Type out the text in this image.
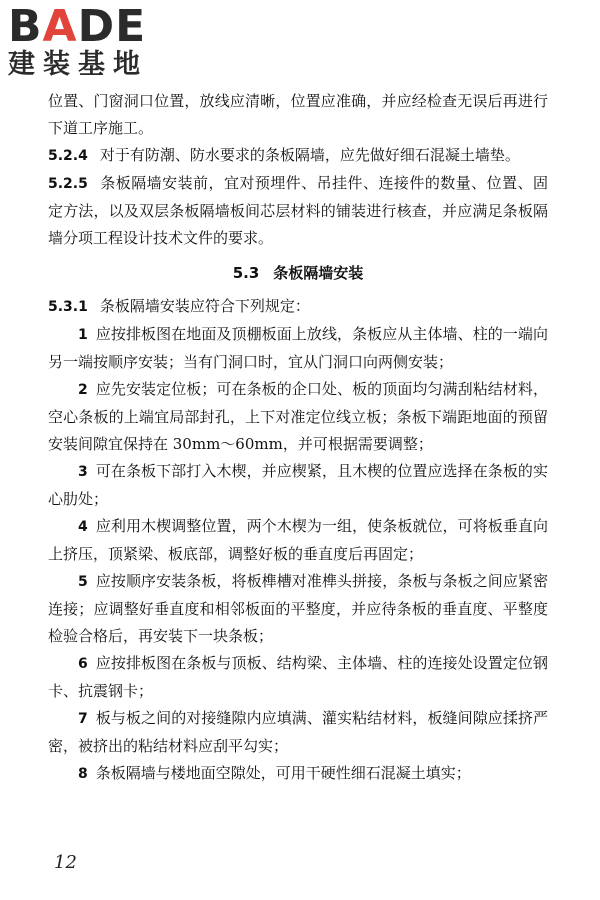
BADE
建装基地

位置、门窗洞口位置，放线应清晰，位置应准确，并应经检查无误后再进行下道工序施工。

5.2.4 对于有防潮、防水要求的条板隔墙，应先做好细石混凝土墙垫。

5.2.5 条板隔墙安装前，宜对预埋件、吊挂件、连接件的数量、位置、固定方法，以及双层条板隔墙板间芯层材料的铺装进行核查，并应满足条板隔墙分项工程设计技术文件的要求。

5.3 条板隔墙安装

5.3.1 条板隔墙安装应符合下列规定：

1 应按排板图在地面及顶棚板面上放线，条板应从主体墙、柱的一端向另一端按顺序安装；当有门洞口时，宜从门洞口向两侧安装；

2 应先安装定位板；可在条板的企口处、板的顶面均匀满刮粘结材料，空心条板的上端宜局部封孔，上下对准定位线立板；条板下端距地面的预留安装间隙宜保持在 30mm～60mm，并可根据需要调整；

3 可在条板下部打入木楔，并应楔紧，且木楔的位置应选择在条板的实心肋处；

4 应利用木楔调整位置，两个木楔为一组，使条板就位，可将板垂直向上挤压，顶紧梁、板底部，调整好板的垂直度后再固定；

5 应按顺序安装条板，将板榫槽对准榫头拼接，条板与条板之间应紧密连接；应调整好垂直度和相邻板面的平整度，并应待条板的垂直度、平整度检验合格后，再安装下一块条板；

6 应按排板图在条板与顶板、结构梁、主体墙、柱的连接处设置定位钢卡、抗震钢卡；

7 板与板之间的对接缝隙内应填满、灌实粘结材料，板缝间隙应揉挤严密，被挤出的粘结材料应刮平勾实；

8 条板隔墙与楼地面空隙处，可用干硬性细石混凝土填实；

12
